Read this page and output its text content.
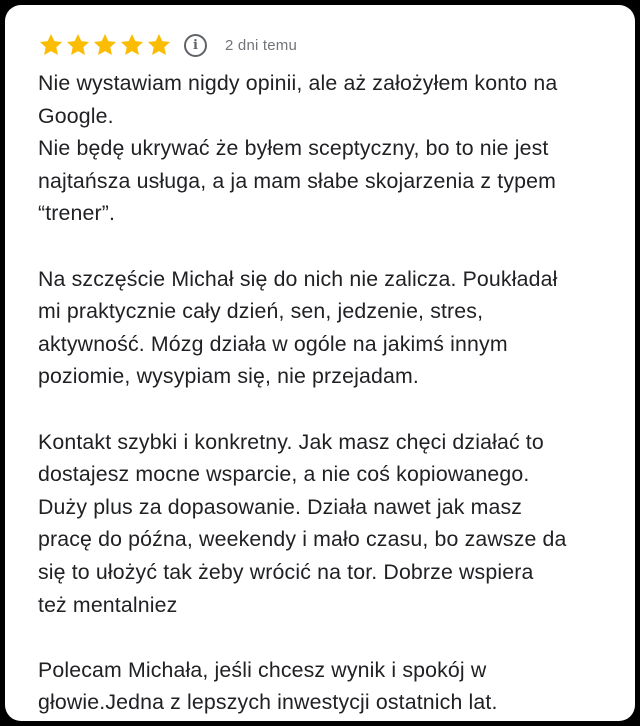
i	2 dni temu

Nie wystawiam nigdy opinii, ale aż założyłem konto na
Google.
Nie będę ukrywać że byłem sceptyczny, bo to nie jest
najtańsza usługa, a ja mam słabe skojarzenia z typem
“trener”.

Na szczęście Michał się do nich nie zalicza. Poukładał
mi praktycznie cały dzień, sen, jedzenie, stres,
aktywność. Mózg działa w ogóle na jakimś innym
poziomie, wysypiam się, nie przejadam.

Kontakt szybki i konkretny. Jak masz chęci działać to
dostajesz mocne wsparcie, a nie coś kopiowanego.
Duży plus za dopasowanie. Działa nawet jak masz
pracę do późna, weekendy i mało czasu, bo zawsze da
się to ułożyć tak żeby wrócić na tor. Dobrze wspiera
też mentalniez

Polecam Michała, jeśli chcesz wynik i spokój w
głowie.Jedna z lepszych inwestycji ostatnich lat.
